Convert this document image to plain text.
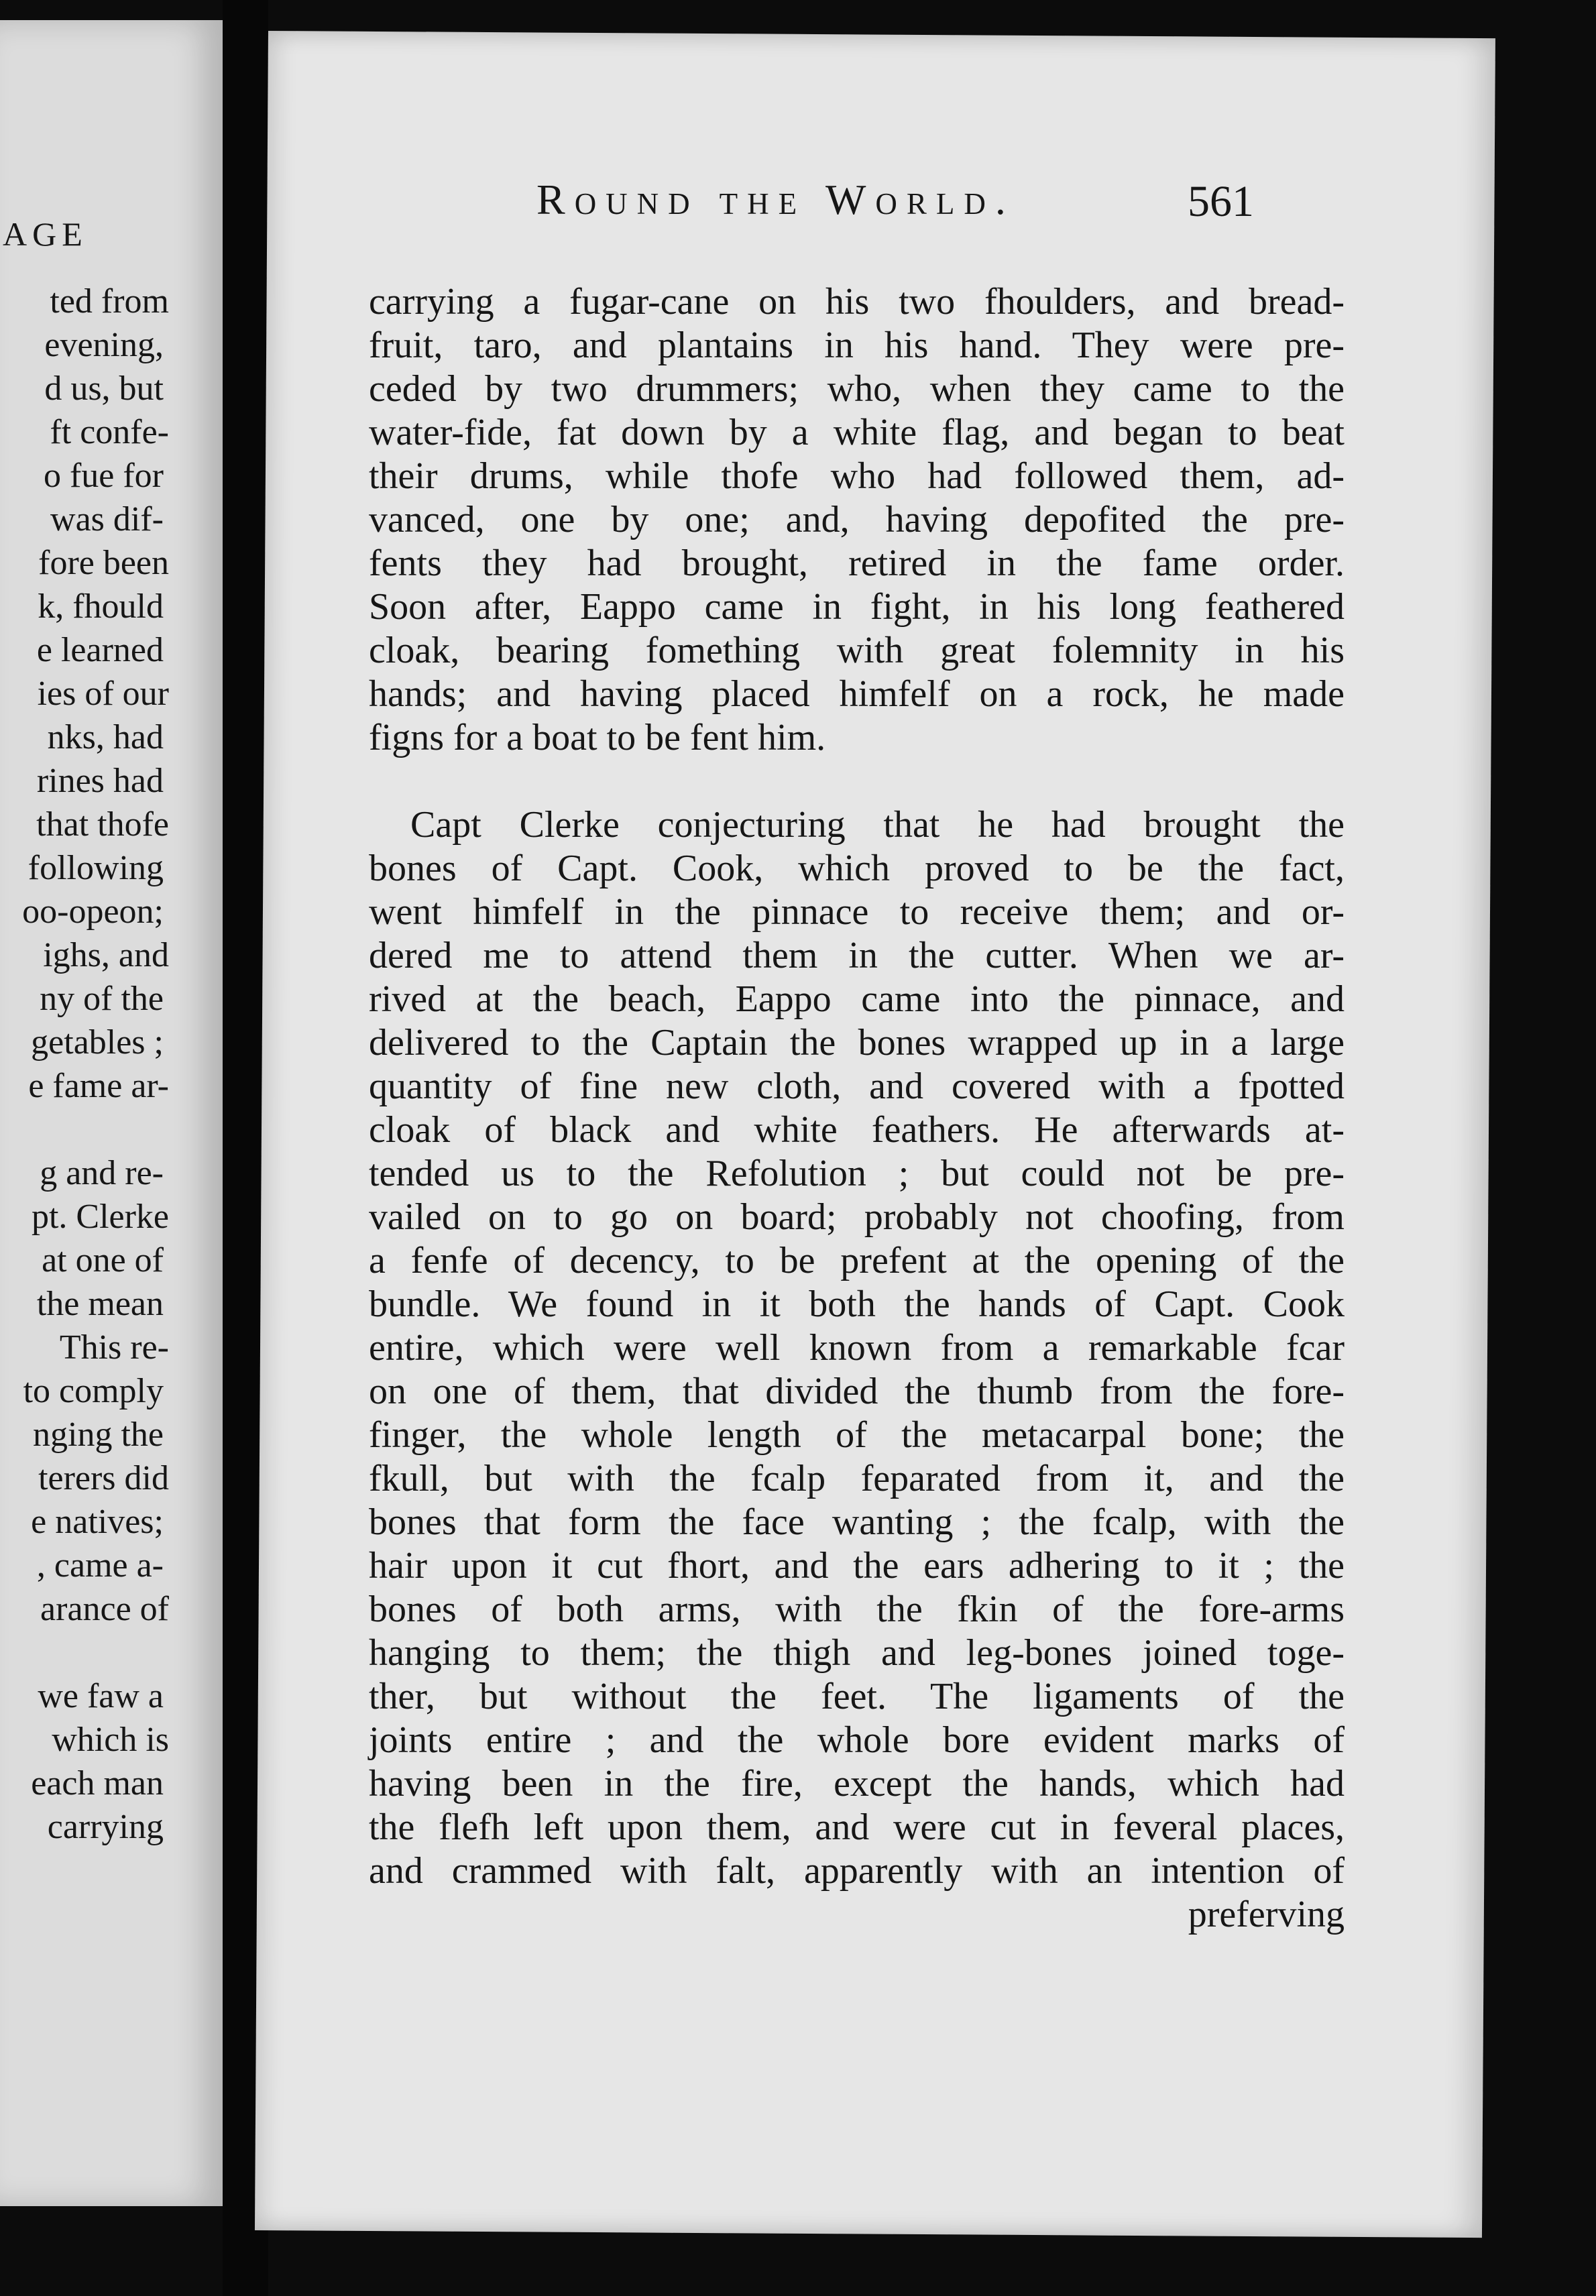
AGE
ted from
evening,
d us, but
ft confe-
o fue for
was dif-
fore been
k, fhould
e learned
ies of our
nks, had
rines had
that thofe
following
oo-opeon;
ighs, and
ny of the
getables ;
e fame ar-
g and re-
pt. Clerke
at one of
the mean
This re-
to comply
nging the
terers did
e natives;
, came a-
arance of
we faw a
which is
each man
carrying
Round the World.	561
carrying a fugar-cane on his two fhoulders, and bread-
fruit, taro, and plantains in his hand. They were pre-
ceded by two drummers; who, when they came to the
water-fide, fat down by a white flag, and began to beat
their drums, while thofe who had followed them, ad-
vanced, one by one; and, having depofited the pre-
fents they had brought, retired in the fame order.
Soon after, Eappo came in fight, in his long feathered
cloak, bearing fomething with great folemnity in his
hands; and having placed himfelf on a rock, he made
figns for a boat to be fent him.
Capt Clerke conjecturing that he had brought the
bones of Capt. Cook, which proved to be the fact,
went himfelf in the pinnace to receive them; and or-
dered me to attend them in the cutter. When we ar-
rived at the beach, Eappo came into the pinnace, and
delivered to the Captain the bones wrapped up in a large
quantity of fine new cloth, and covered with a fpotted
cloak of black and white feathers. He afterwards at-
tended us to the Refolution ; but could not be pre-
vailed on to go on board; probably not choofing, from
a fenfe of decency, to be prefent at the opening of the
bundle. We found in it both the hands of Capt. Cook
entire, which were well known from a remarkable fcar
on one of them, that divided the thumb from the fore-
finger, the whole length of the metacarpal bone; the
fkull, but with the fcalp feparated from it, and the
bones that form the face wanting ; the fcalp, with the
hair upon it cut fhort, and the ears adhering to it ; the
bones of both arms, with the fkin of the fore-arms
hanging to them; the thigh and leg-bones joined toge-
ther, but without the feet. The ligaments of the
joints entire ; and the whole bore evident marks of
having been in the fire, except the hands, which had
the flefh left upon them, and were cut in feveral places,
and crammed with falt, apparently with an intention of
preferving
